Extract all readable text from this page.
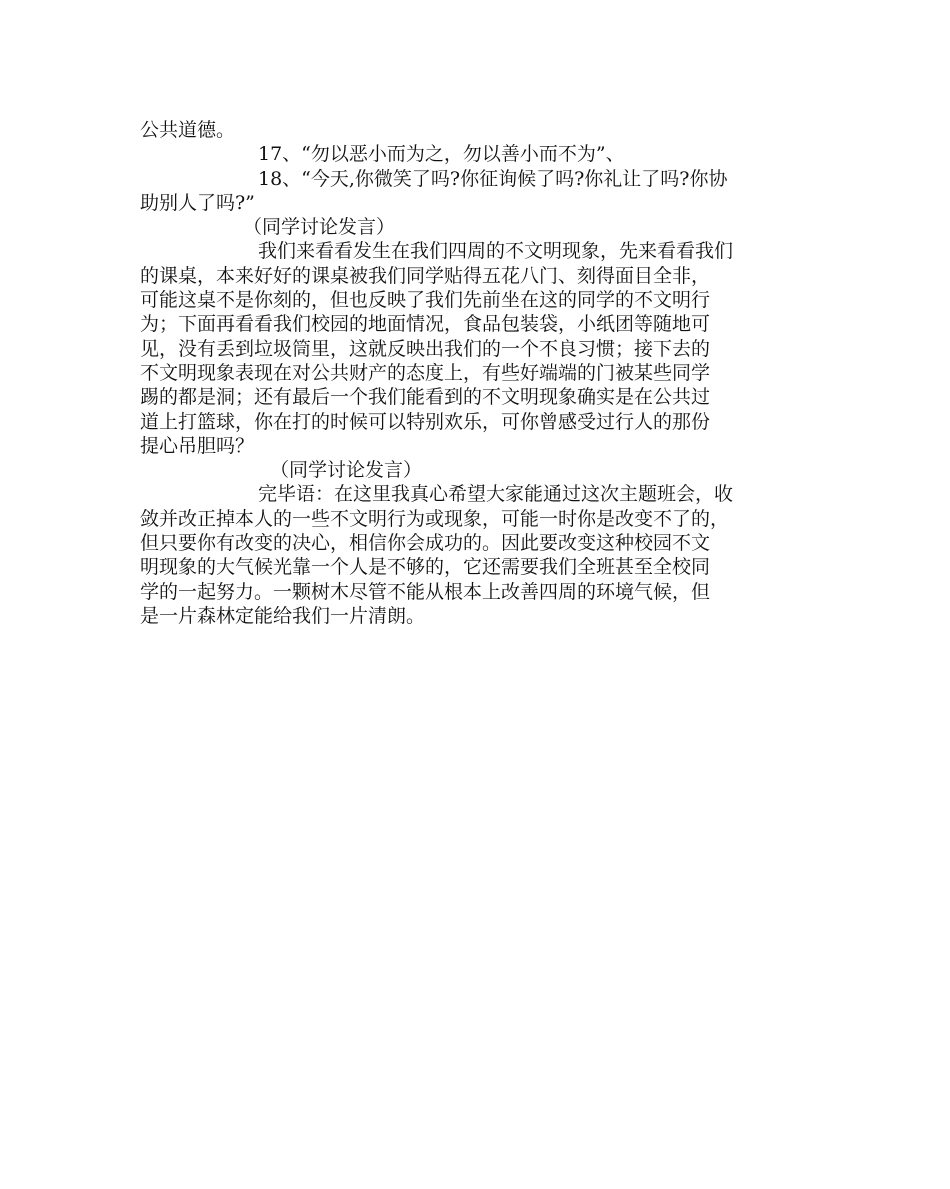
公共道德。
17、“勿以恶小而为之，勿以善小而不为”、
18、“今天,你微笑了吗?你征询候了吗?你礼让了吗?你协
助别人了吗?”
（同学讨论发言）
我们来看看发生在我们四周的不文明现象，先来看看我们
的课桌，本来好好的课桌被我们同学贴得五花八门、刻得面目全非，
可能这桌不是你刻的，但也反映了我们先前坐在这的同学的不文明行
为；下面再看看我们校园的地面情况，食品包装袋，小纸团等随地可
见，没有丢到垃圾筒里，这就反映出我们的一个不良习惯；接下去的
不文明现象表现在对公共财产的态度上，有些好端端的门被某些同学
踢的都是洞；还有最后一个我们能看到的不文明现象确实是在公共过
道上打篮球，你在打的时候可以特别欢乐，可你曾感受过行人的那份
提心吊胆吗？
（同学讨论发言）
完毕语：在这里我真心希望大家能通过这次主题班会，收
敛并改正掉本人的一些不文明行为或现象，可能一时你是改变不了的，
但只要你有改变的决心，相信你会成功的。因此要改变这种校园不文
明现象的大气候光靠一个人是不够的，它还需要我们全班甚至全校同
学的一起努力。一颗树木尽管不能从根本上改善四周的环境气候，但
是一片森林定能给我们一片清朗。
